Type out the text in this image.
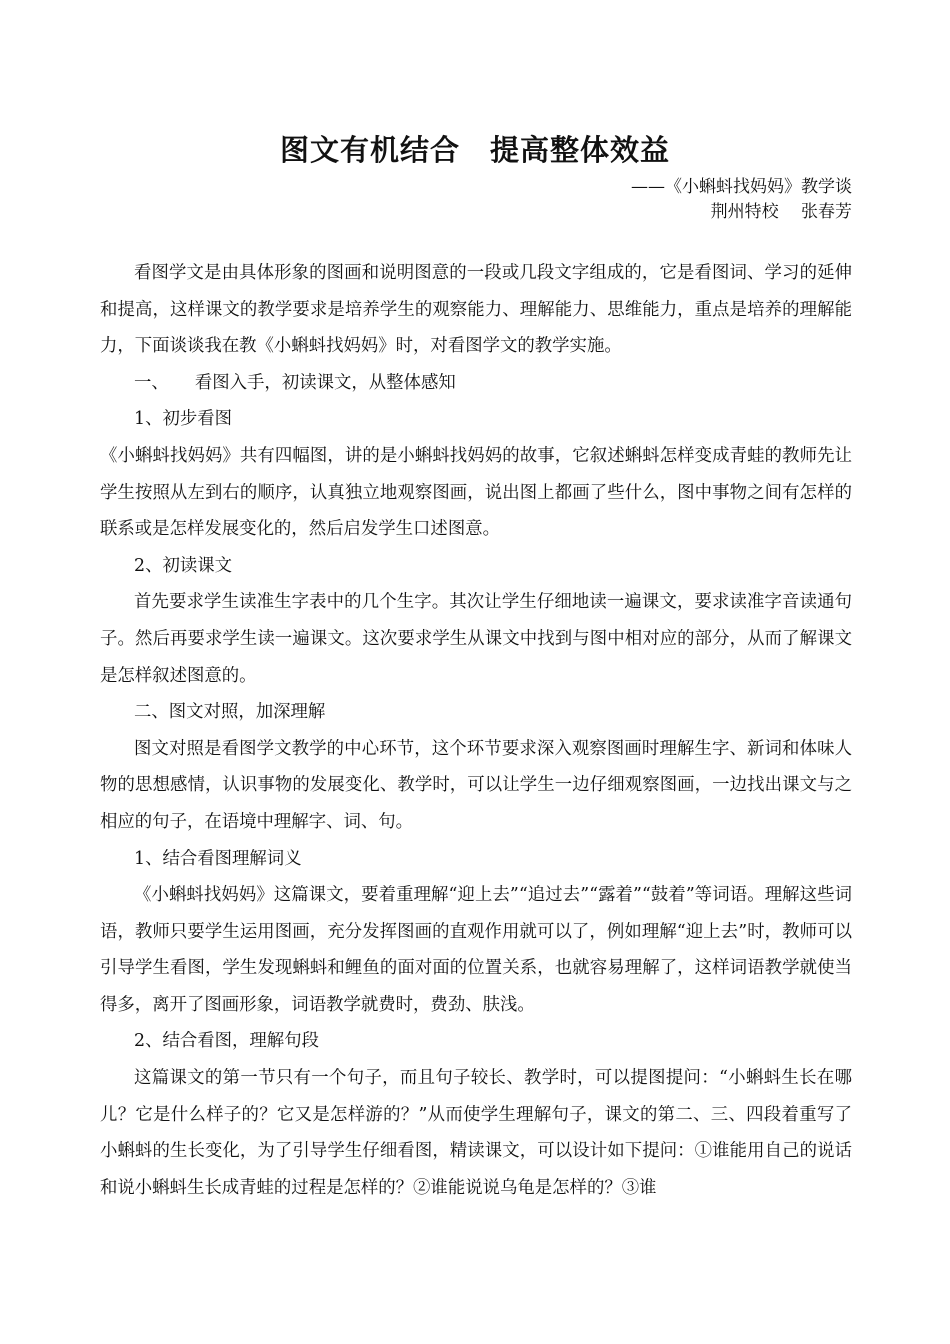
图文有机结合　提高整体效益
——《小蝌蚪找妈妈》教学谈
荆州特校　 张春芳

看图学文是由具体形象的图画和说明图意的一段或几段文字组成的，它是看图词、学习的延伸和提高，这样课文的教学要求是培养学生的观察能力、理解能力、思维能力，重点是培养的理解能力，下面谈谈我在教《小蝌蚪找妈妈》时，对看图学文的教学实施。

一、　　看图入手，初读课文，从整体感知

1、初步看图

《小蝌蚪找妈妈》共有四幅图，讲的是小蝌蚪找妈妈的故事，它叙述蝌蚪怎样变成青蛙的教师先让学生按照从左到右的顺序，认真独立地观察图画，说出图上都画了些什么，图中事物之间有怎样的联系或是怎样发展变化的，然后启发学生口述图意。

2、初读课文

首先要求学生读准生字表中的几个生字。其次让学生仔细地读一遍课文，要求读准字音读通句子。然后再要求学生读一遍课文。这次要求学生从课文中找到与图中相对应的部分，从而了解课文是怎样叙述图意的。

二、图文对照，加深理解

图文对照是看图学文教学的中心环节，这个环节要求深入观察图画时理解生字、新词和体味人物的思想感情，认识事物的发展变化、教学时，可以让学生一边仔细观察图画，一边找出课文与之相应的句子，在语境中理解字、词、句。

1、结合看图理解词义

《小蝌蚪找妈妈》这篇课文，要着重理解“迎上去”“追过去”“露着”“鼓着”等词语。理解这些词语，教师只要学生运用图画，充分发挥图画的直观作用就可以了，例如理解“迎上去”时，教师可以引导学生看图，学生发现蝌蚪和鲤鱼的面对面的位置关系，也就容易理解了，这样词语教学就使当得多，离开了图画形象，词语教学就费时，费劲、肤浅。

2、结合看图，理解句段

这篇课文的第一节只有一个句子，而且句子较长、教学时，可以提图提问：“小蝌蚪生长在哪儿？它是什么样子的？它又是怎样游的？”从而使学生理解句子，课文的第二、三、四段着重写了小蝌蚪的生长变化，为了引导学生仔细看图，精读课文，可以设计如下提问：①谁能用自己的说话和说小蝌蚪生长成青蛙的过程是怎样的？②谁能说说乌龟是怎样的？③谁
